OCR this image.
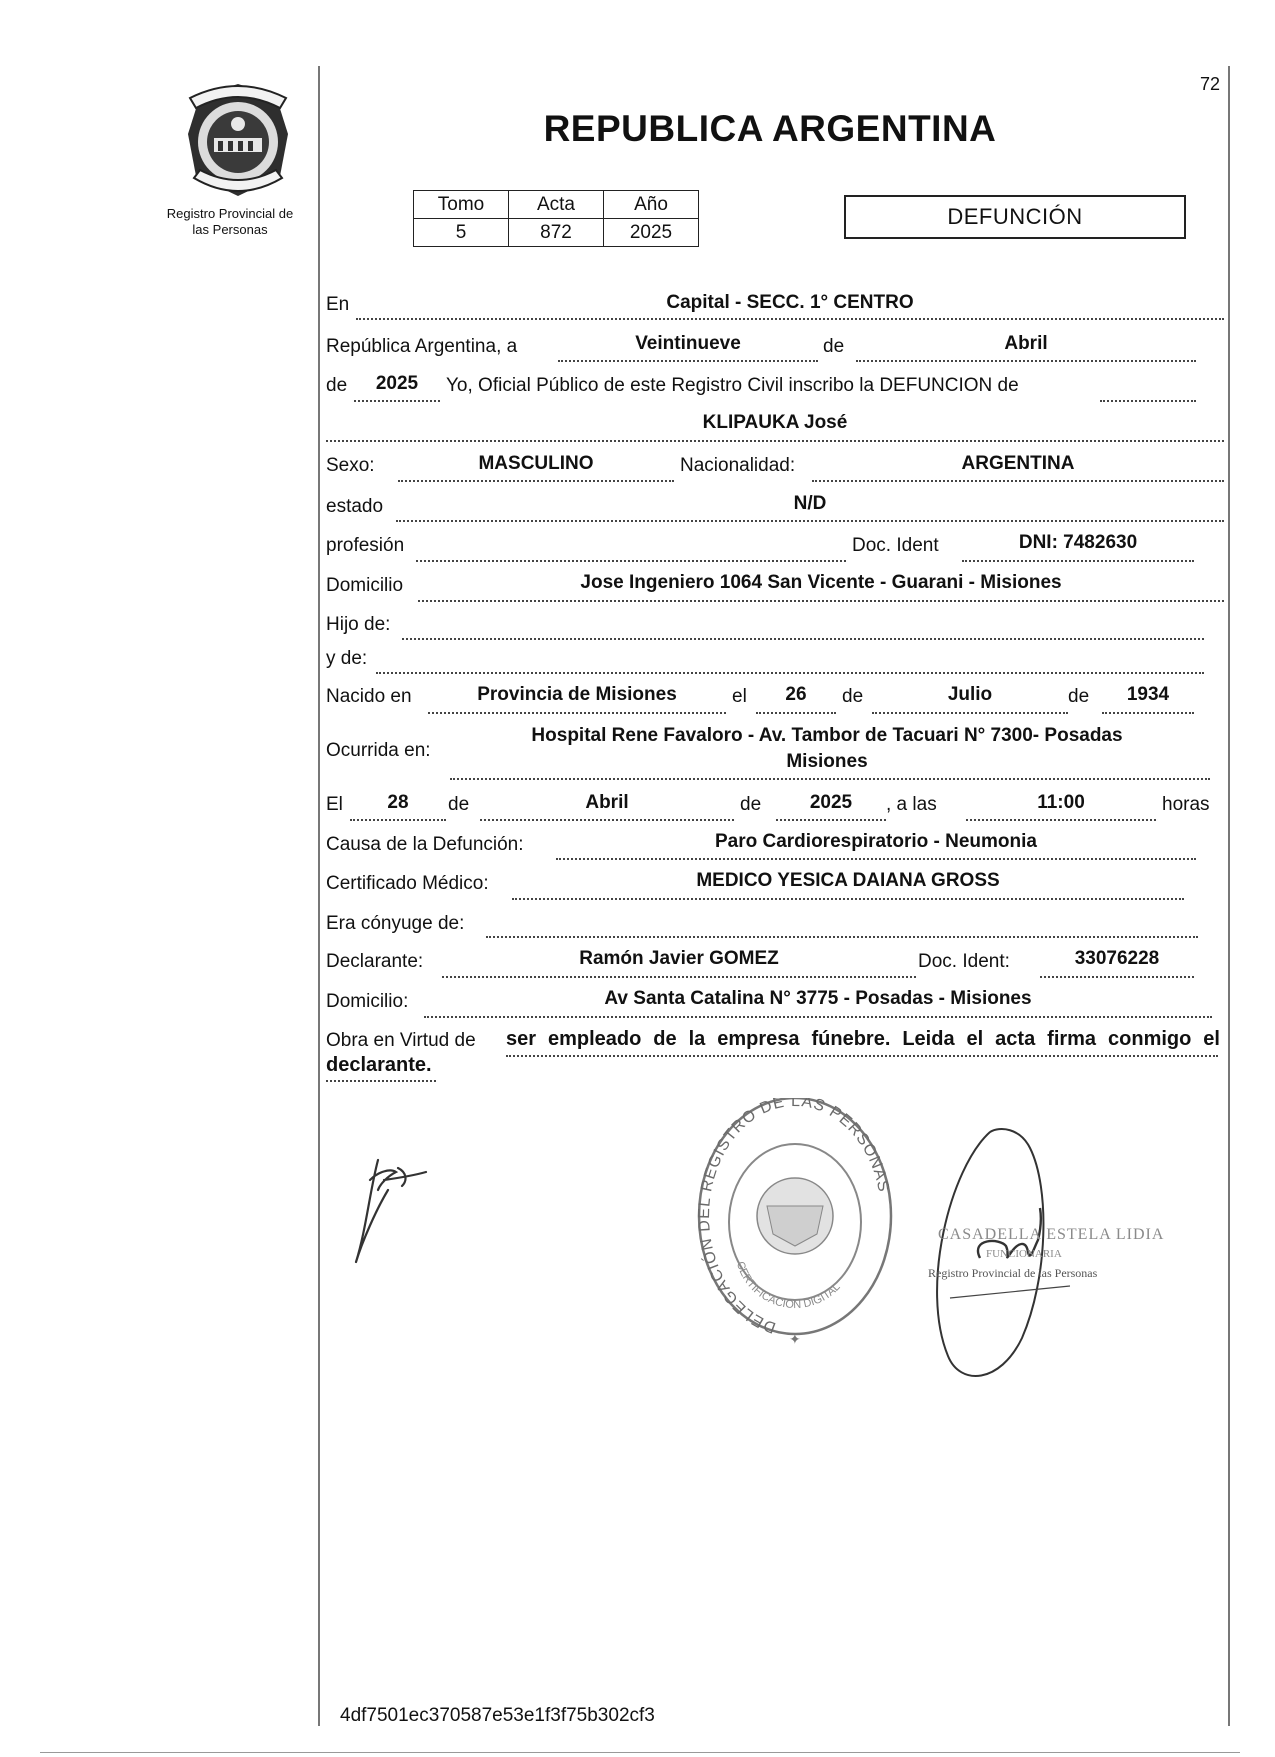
72
Registro Provincial de
las Personas
REPUBLICA ARGENTINA
Tomo	Acta	Año
5	872	2025
DEFUNCIÓN
En	Capital - SECC. 1° CENTRO
República Argentina, a	Veintinueve	de	Abril
de	2025	Yo, Oficial Público de este Registro Civil inscribo la DEFUNCION de
KLIPAUKA José
Sexo:	MASCULINO	Nacionalidad:	ARGENTINA
estado	N/D
profesión	Doc. Ident	DNI: 7482630
Domicilio	Jose Ingeniero 1064 San Vicente - Guarani - Misiones
Hijo de:
y de:
Nacido en	Provincia de Misiones	el	26	de	Julio	de	1934
Ocurrida en:
Hospital Rene Favaloro - Av. Tambor de Tacuari N° 7300- Posadas
Misiones
El	28	de	Abril	de	2025	, a las	11:00	horas
Causa de la Defunción:	Paro Cardiorespiratorio - Neumonia
Certificado Médico:	MEDICO YESICA DAIANA GROSS
Era cónyuge de:
Declarante:	Ramón Javier GOMEZ	Doc. Ident:	33076228
Domicilio:	Av Santa Catalina N° 3775 - Posadas - Misiones
Obra en Virtud de ser empleado de la empresa fúnebre. Leida el acta firma conmigo el
declarante.
DELEGACIÓN DEL REGISTRO DE LAS PERSONAS
CERTIFICACION DIGITAL
✦
CASADELLA ESTELA LIDIA
FUNCIONARIA
Registro Provincial de las Personas
4df7501ec370587e53e1f3f75b302cf3
